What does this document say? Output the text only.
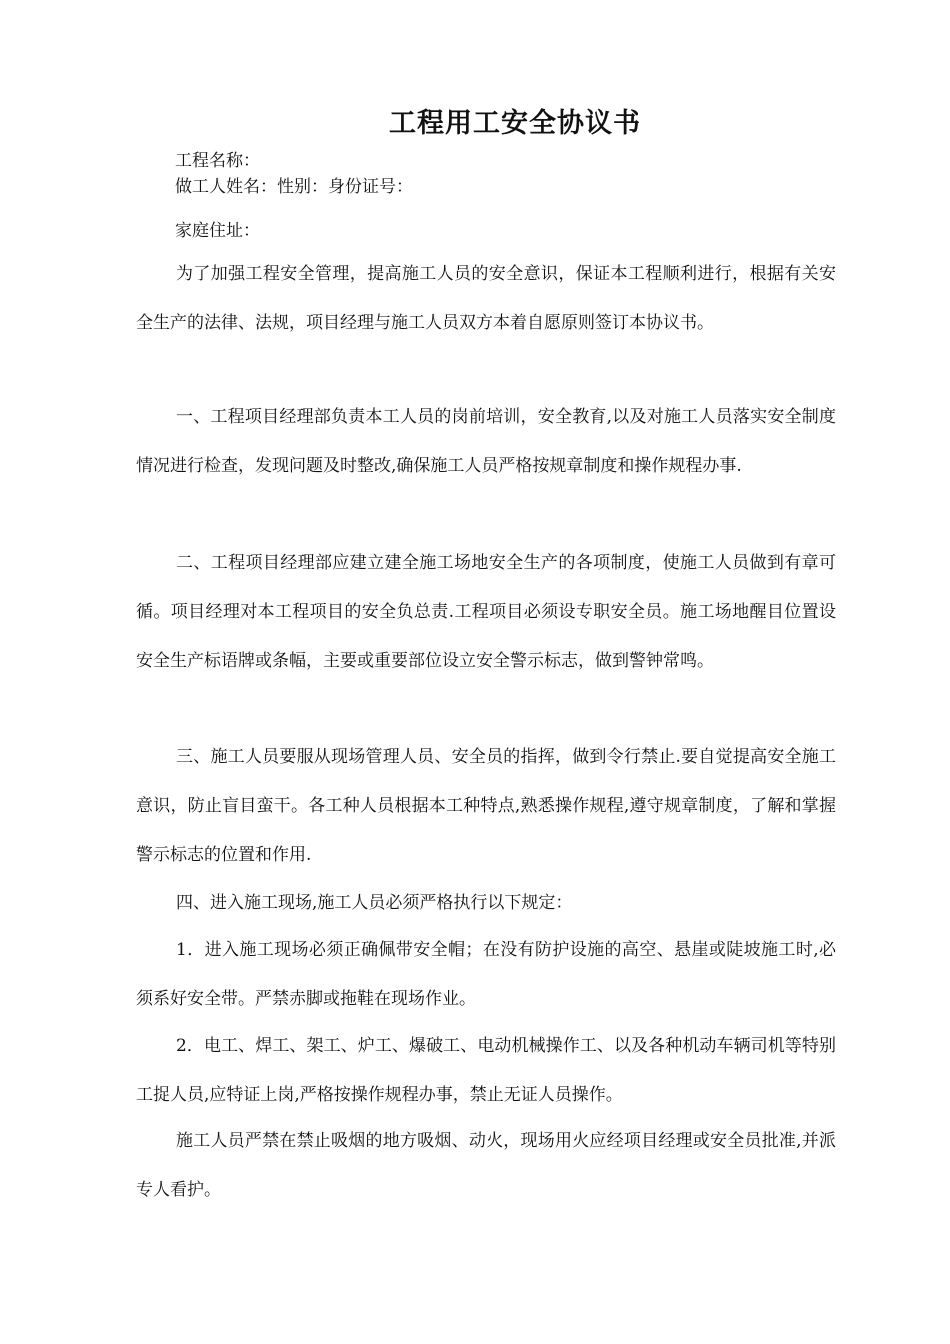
工程用工安全协议书
工程名称：
做工人姓名：性别：身份证号：
家庭住址：
为了加强工程安全管理，提高施工人员的安全意识，保证本工程顺利进行，根据有关安全生产的法律、法规，项目经理与施工人员双方本着自愿原则签订本协议书。
一、工程项目经理部负责本工人员的岗前培训，安全教育,以及对施工人员落实安全制度情况进行检查，发现问题及时整改,确保施工人员严格按规章制度和操作规程办事.
二、工程项目经理部应建立建全施工场地安全生产的各项制度，使施工人员做到有章可循。项目经理对本工程项目的安全负总责.工程项目必须设专职安全员。施工场地醒目位置设安全生产标语牌或条幅，主要或重要部位设立安全警示标志，做到警钟常鸣。
三、施工人员要服从现场管理人员、安全员的指挥，做到令行禁止.要自觉提高安全施工意识，防止盲目蛮干。各工种人员根据本工种特点,熟悉操作规程,遵守规章制度，了解和掌握警示标志的位置和作用.
四、进入施工现场,施工人员必须严格执行以下规定：
1．进入施工现场必须正确佩带安全帽；在没有防护设施的高空、悬崖或陡坡施工时,必须系好安全带。严禁赤脚或拖鞋在现场作业。
2．电工、焊工、架工、炉工、爆破工、电动机械操作工、以及各种机动车辆司机等特别工捉人员,应特证上岗,严格按操作规程办事，禁止无证人员操作。
施工人员严禁在禁止吸烟的地方吸烟、动火，现场用火应经项目经理或安全员批准,并派专人看护。
